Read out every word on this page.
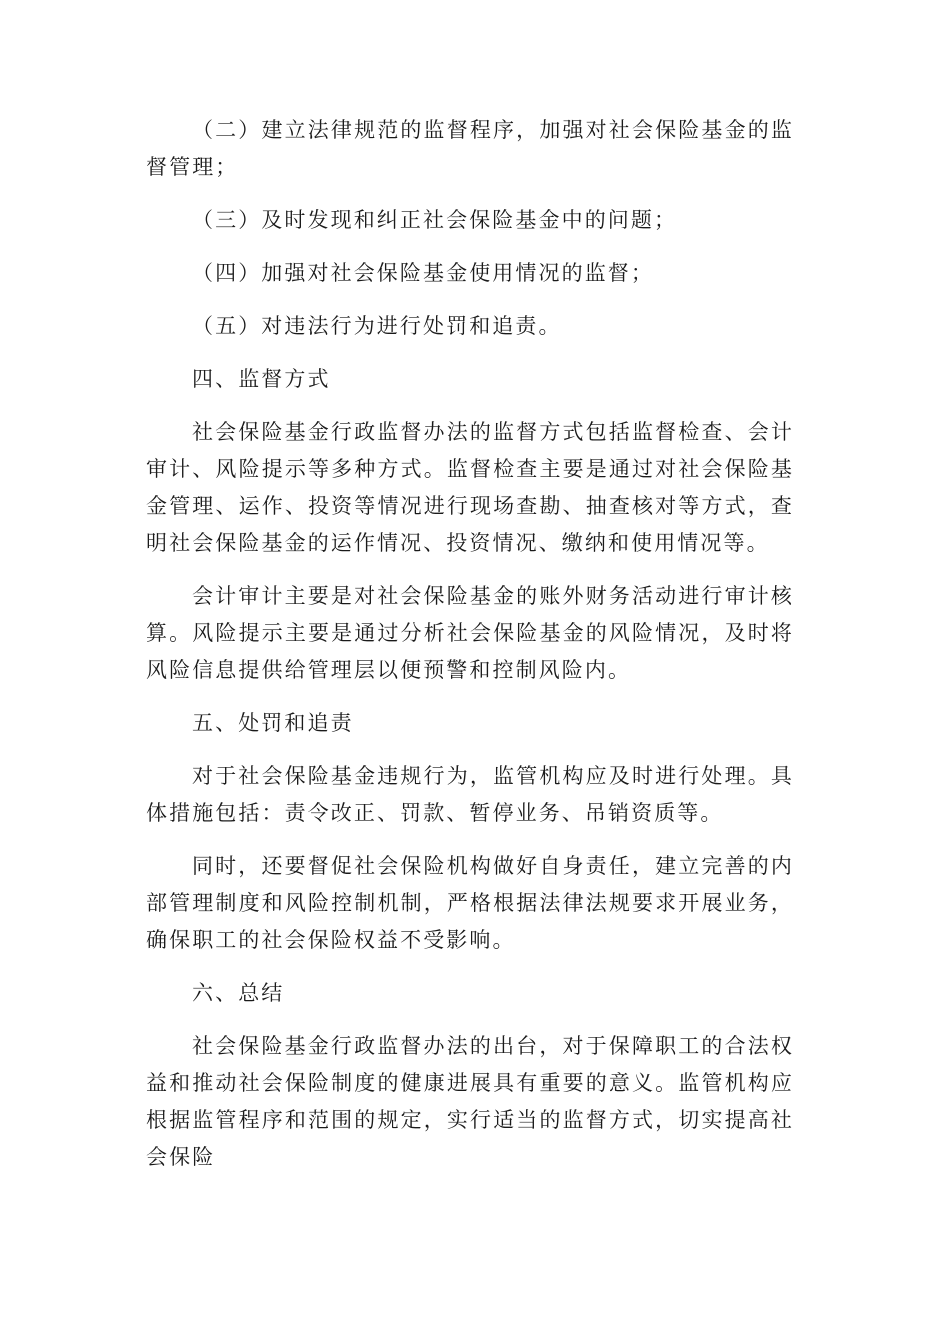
（二）建立法律规范的监督程序，加强对社会保险基金的监督管理；

（三）及时发现和纠正社会保险基金中的问题；

（四）加强对社会保险基金使用情况的监督；

（五）对违法行为进行处罚和追责。

四、监督方式

社会保险基金行政监督办法的监督方式包括监督检查、会计审计、风险提示等多种方式。监督检查主要是通过对社会保险基金管理、运作、投资等情况进行现场查勘、抽查核对等方式，查明社会保险基金的运作情况、投资情况、缴纳和使用情况等。

会计审计主要是对社会保险基金的账外财务活动进行审计核算。风险提示主要是通过分析社会保险基金的风险情况，及时将风险信息提供给管理层以便预警和控制风险内。

五、处罚和追责

对于社会保险基金违规行为，监管机构应及时进行处理。具体措施包括：责令改正、罚款、暂停业务、吊销资质等。

同时，还要督促社会保险机构做好自身责任，建立完善的内部管理制度和风险控制机制，严格根据法律法规要求开展业务，确保职工的社会保险权益不受影响。

六、总结

社会保险基金行政监督办法的出台，对于保障职工的合法权益和推动社会保险制度的健康进展具有重要的意义。监管机构应根据监管程序和范围的规定，实行适当的监督方式，切实提高社会保险
